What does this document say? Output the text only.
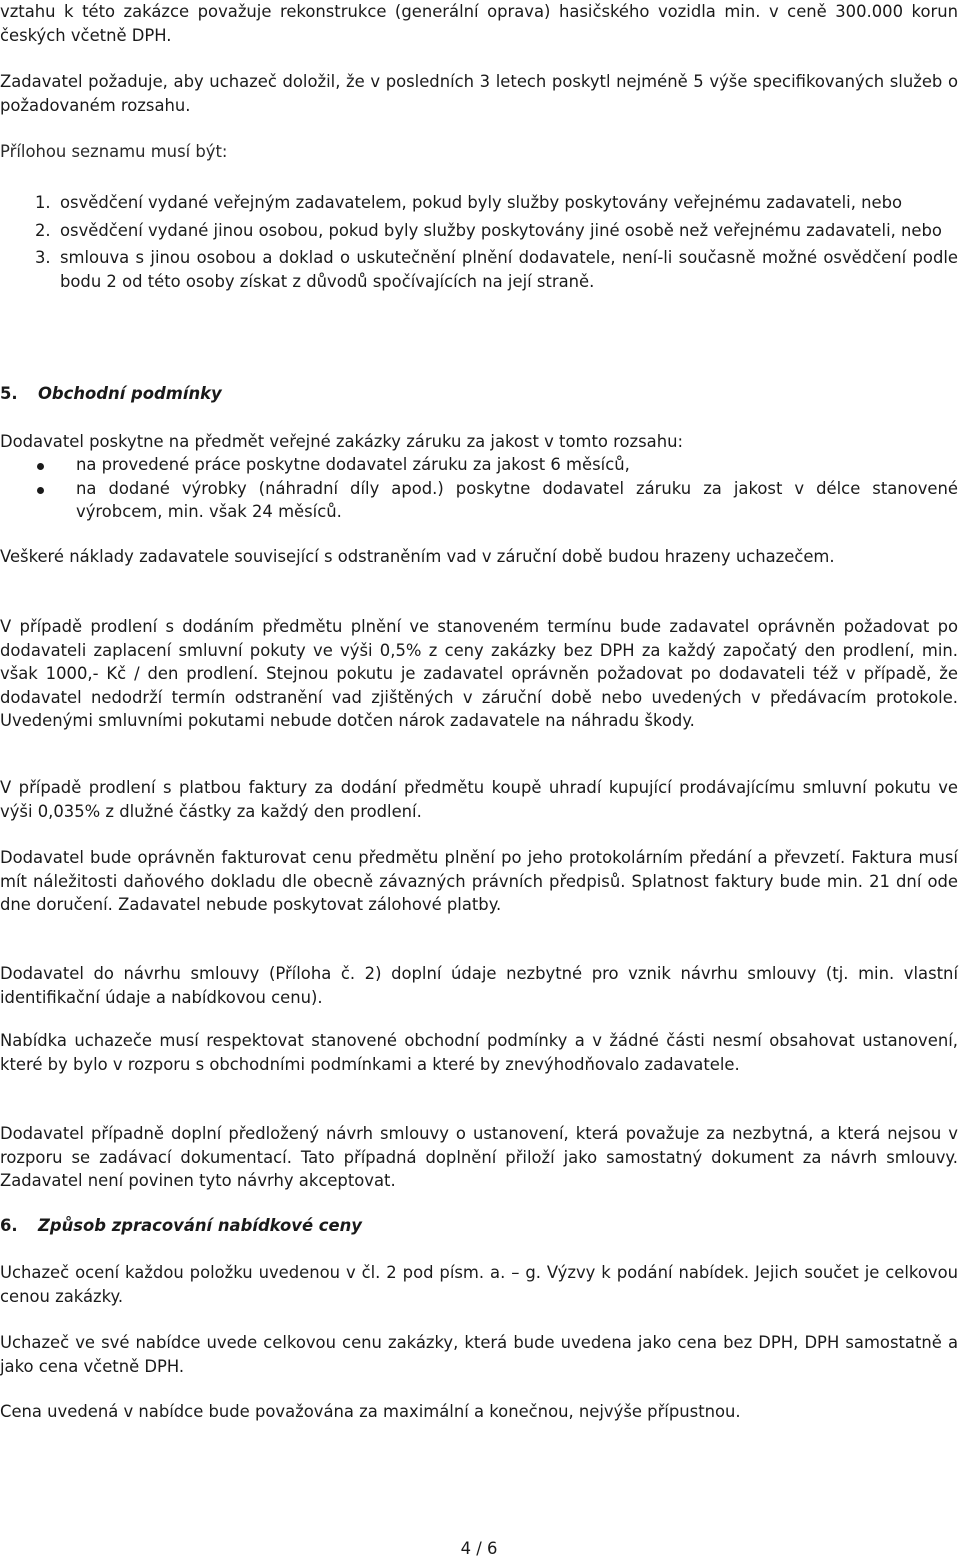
vztahu k této zakázce považuje rekonstrukce (generální oprava) hasičského vozidla min. v ceně 300.000 korun českých včetně DPH.

Zadavatel požaduje, aby uchazeč doložil, že v posledních 3 letech poskytl nejméně 5 výše specifikovaných služeb o požadovaném rozsahu.

Přílohou seznamu musí být:

1. osvědčení vydané veřejným zadavatelem, pokud byly služby poskytovány veřejnému zadavateli, nebo
2. osvědčení vydané jinou osobou, pokud byly služby poskytovány jiné osobě než veřejnému zadavateli, nebo
3. smlouva s jinou osobou a doklad o uskutečnění plnění dodavatele, není-li současně možné osvědčení podle bodu 2 od této osoby získat z důvodů spočívajících na její straně.
5. Obchodní podmínky

Dodavatel poskytne na předmět veřejné zakázky záruku za jakost v tomto rozsahu:

na provedené práce poskytne dodavatel záruku za jakost 6 měsíců,
na dodané výrobky (náhradní díly apod.) poskytne dodavatel záruku za jakost v délce stanovené výrobcem, min. však 24 měsíců.

Veškeré náklady zadavatele související s odstraněním vad v záruční době budou hrazeny uchazečem.

V případě prodlení s dodáním předmětu plnění ve stanoveném termínu bude zadavatel oprávněn požadovat po dodavateli zaplacení smluvní pokuty ve výši 0,5% z ceny zakázky bez DPH za každý započatý den prodlení, min. však 1000,- Kč / den prodlení. Stejnou pokutu je zadavatel oprávněn požadovat po dodavateli též v případě, že dodavatel nedodrží termín odstranění vad zjištěných v záruční době nebo uvedených v předávacím protokole. Uvedenými smluvními pokutami nebude dotčen nárok zadavatele na náhradu škody.

V případě prodlení s platbou faktury za dodání předmětu koupě uhradí kupující prodávajícímu smluvní pokutu ve výši 0,035% z dlužné částky za každý den prodlení.

Dodavatel bude oprávněn fakturovat cenu předmětu plnění po jeho protokolárním předání a převzetí. Faktura musí mít náležitosti daňového dokladu dle obecně závazných právních předpisů. Splatnost faktury bude min. 21 dní ode dne doručení. Zadavatel nebude poskytovat zálohové platby.

Dodavatel do návrhu smlouvy (Příloha č. 2) doplní údaje nezbytné pro vznik návrhu smlouvy (tj. min. vlastní identifikační údaje a nabídkovou cenu).

Nabídka uchazeče musí respektovat stanovené obchodní podmínky a v žádné části nesmí obsahovat ustanovení, které by bylo v rozporu s obchodními podmínkami a které by znevýhodňovalo zadavatele.

Dodavatel případně doplní předložený návrh smlouvy o ustanovení, která považuje za nezbytná, a která nejsou v rozporu se zadávací dokumentací. Tato případná doplnění přiloží jako samostatný dokument za návrh smlouvy. Zadavatel není povinen tyto návrhy akceptovat.

6. Způsob zpracování nabídkové ceny

Uchazeč ocení každou položku uvedenou v čl. 2 pod písm. a. – g. Výzvy k podání nabídek. Jejich součet je celkovou cenou zakázky.

Uchazeč ve své nabídce uvede celkovou cenu zakázky, která bude uvedena jako cena bez DPH, DPH samostatně a jako cena včetně DPH.

Cena uvedená v nabídce bude považována za maximální a konečnou, nejvýše přípustnou.

4 / 6
